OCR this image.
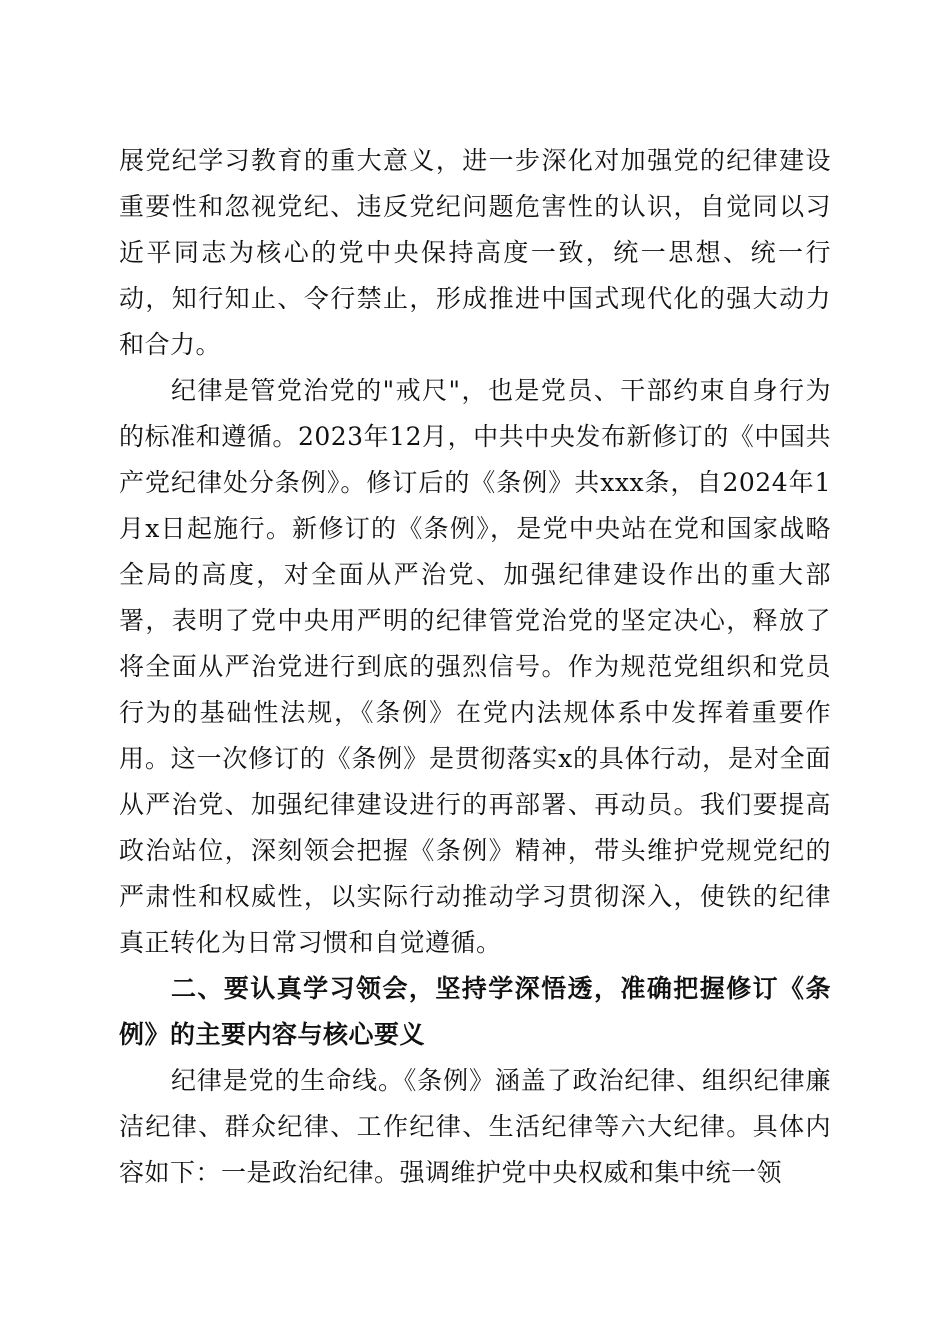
展党纪学习教育的重大意义，进一步深化对加强党的纪律建设重要性和忽视党纪、违反党纪问题危害性的认识，自觉同以习近平同志为核心的党中央保持高度一致，统一思想、统一行动，知行知止、令行禁止，形成推进中国式现代化的强大动力和合力。

纪律是管党治党的"戒尺"，也是党员、干部约束自身行为的标准和遵循。2023年12月，中共中央发布新修订的《中国共产党纪律处分条例》。修订后的《条例》共xxx条，自2024年1月x日起施行。新修订的《条例》，是党中央站在党和国家战略全局的高度，对全面从严治党、加强纪律建设作出的重大部署，表明了党中央用严明的纪律管党治党的坚定决心，释放了将全面从严治党进行到底的强烈信号。作为规范党组织和党员行为的基础性法规，《条例》在党内法规体系中发挥着重要作用。这一次修订的《条例》是贯彻落实x的具体行动，是对全面从严治党、加强纪律建设进行的再部署、再动员。我们要提高政治站位，深刻领会把握《条例》精神，带头维护党规党纪的严肃性和权威性，以实际行动推动学习贯彻深入，使铁的纪律真正转化为日常习惯和自觉遵循。

二、要认真学习领会，坚持学深悟透，准确把握修订《条例》的主要内容与核心要义

纪律是党的生命线。《条例》涵盖了政治纪律、组织纪律廉洁纪律、群众纪律、工作纪律、生活纪律等六大纪律。具体内容如下：一是政治纪律。强调维护党中央权威和集中统一领
